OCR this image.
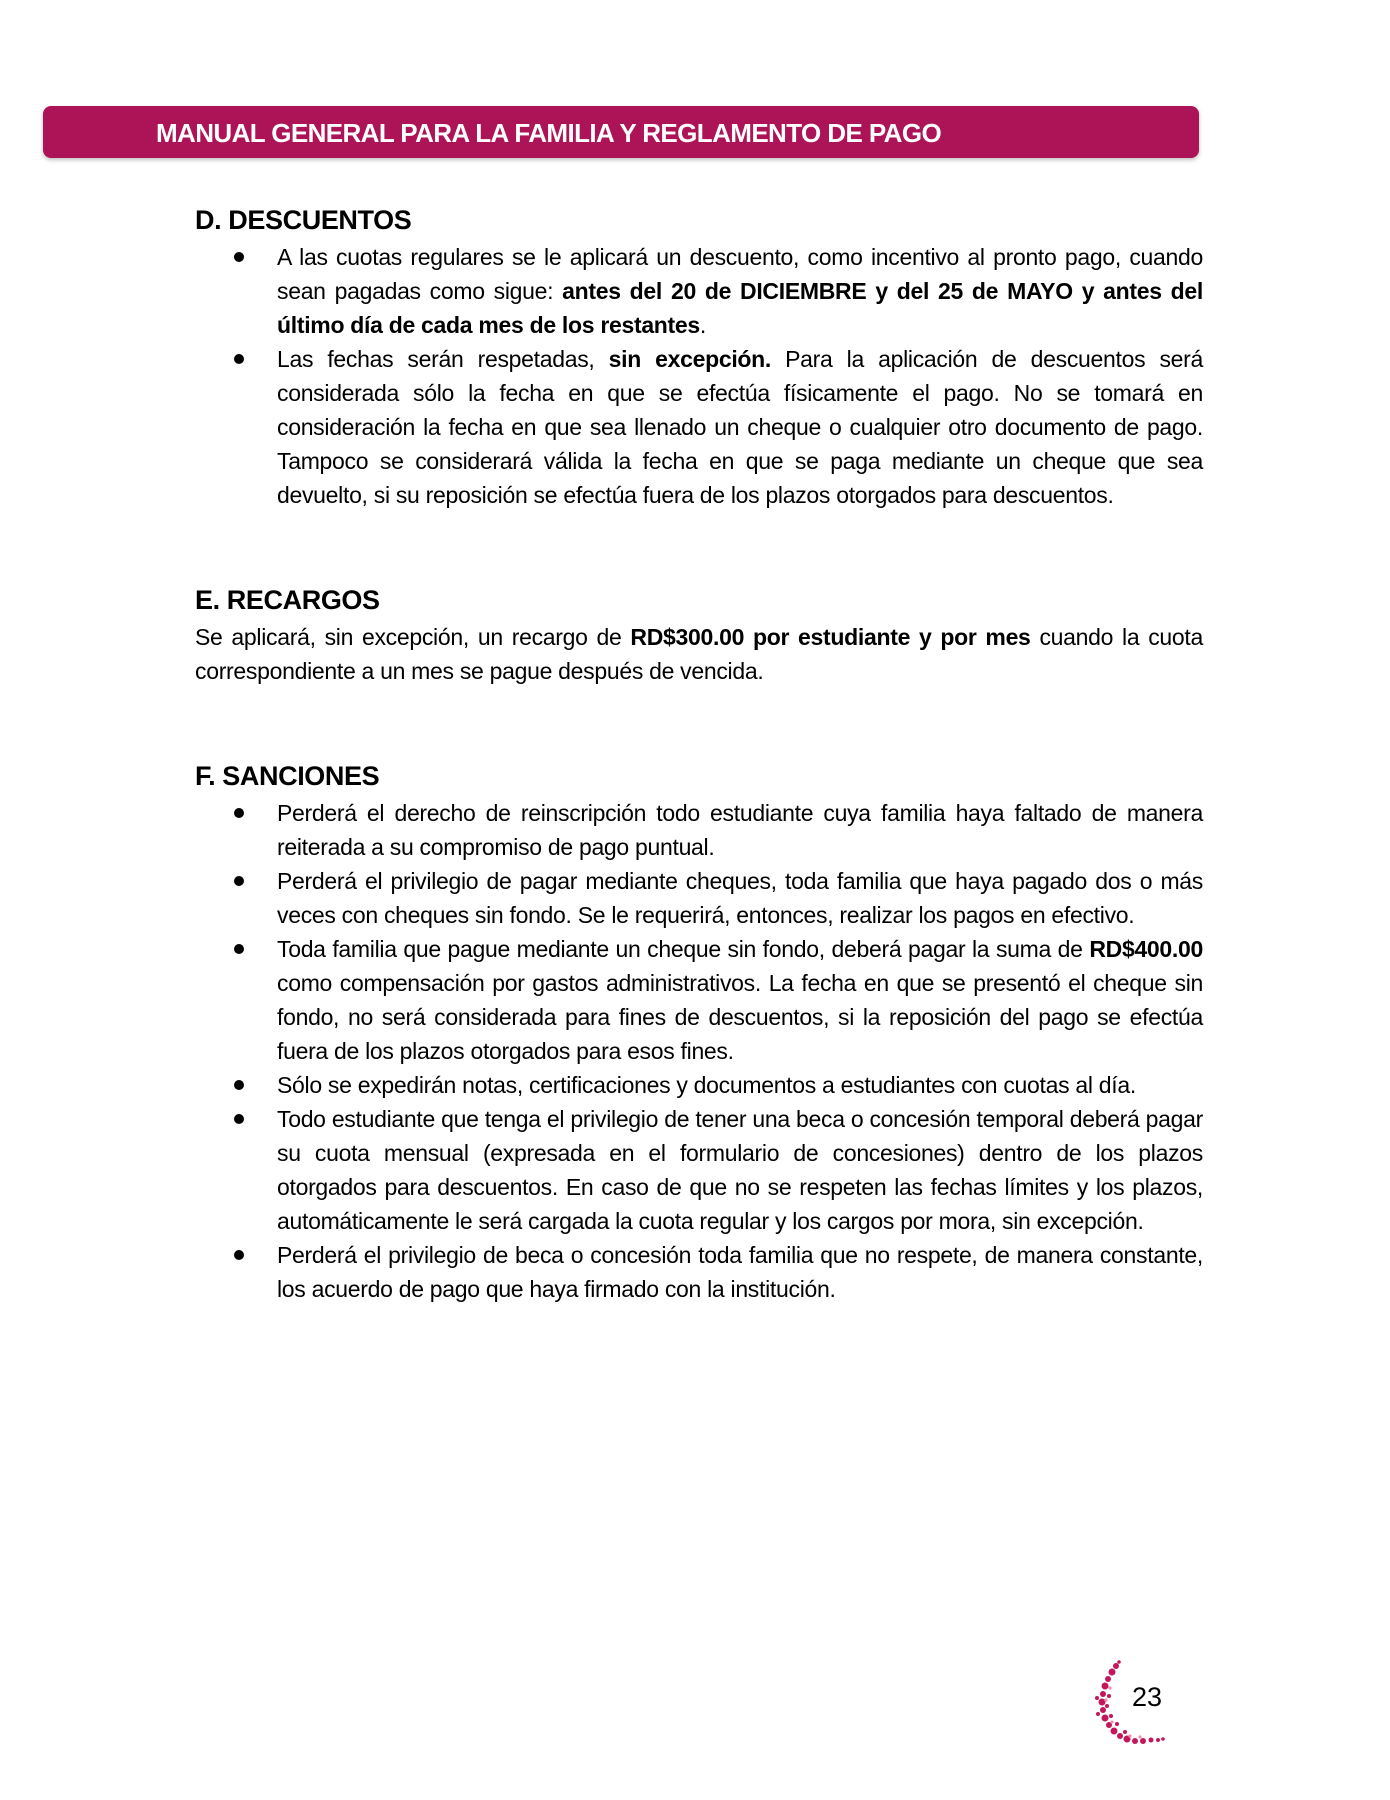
MANUAL GENERAL PARA LA FAMILIA Y REGLAMENTO DE PAGO
D. DESCUENTOS
A las cuotas regulares se le aplicará un descuento, como incentivo al pronto pago, cuando sean pagadas como sigue: antes del 20 de DICIEMBRE y del 25 de MAYO y antes del último día de cada mes de los restantes.
Las fechas serán respetadas, sin excepción. Para la aplicación de descuentos será considerada sólo la fecha en que se efectúa físicamente el pago. No se tomará en consideración la fecha en que sea llenado un cheque o cualquier otro documento de pago. Tampoco se considerará válida la fecha en que se paga mediante un cheque que sea devuelto, si su reposición se efectúa fuera de los plazos otorgados para descuentos.
E. RECARGOS

Se aplicará, sin excepción, un recargo de RD$300.00 por estudiante y por mes cuando la cuota correspondiente a un mes se pague después de vencida.

F. SANCIONES
Perderá el derecho de reinscripción todo estudiante cuya familia haya faltado de manera reiterada a su compromiso de pago puntual.
Perderá el privilegio de pagar mediante cheques, toda familia que haya pagado dos o más veces con cheques sin fondo. Se le requerirá, entonces, realizar los pagos en efectivo.
Toda familia que pague mediante un cheque sin fondo, deberá pagar la suma de RD$400.00 como compensación por gastos administrativos. La fecha en que se presentó el cheque sin fondo, no será considerada para fines de descuentos, si la reposición del pago se efectúa fuera de los plazos otorgados para esos fines.
Sólo se expedirán notas, certificaciones y documentos a estudiantes con cuotas al día.
Todo estudiante que tenga el privilegio de tener una beca o concesión temporal deberá pagar su cuota mensual (expresada en el formulario de concesiones) dentro de los plazos otorgados para descuentos. En caso de que no se respeten las fechas límites y los plazos, automáticamente le será cargada la cuota regular y los cargos por mora, sin excepción.
Perderá el privilegio de beca o concesión toda familia que no respete, de manera constante, los acuerdo de pago que haya firmado con la institución.
23
